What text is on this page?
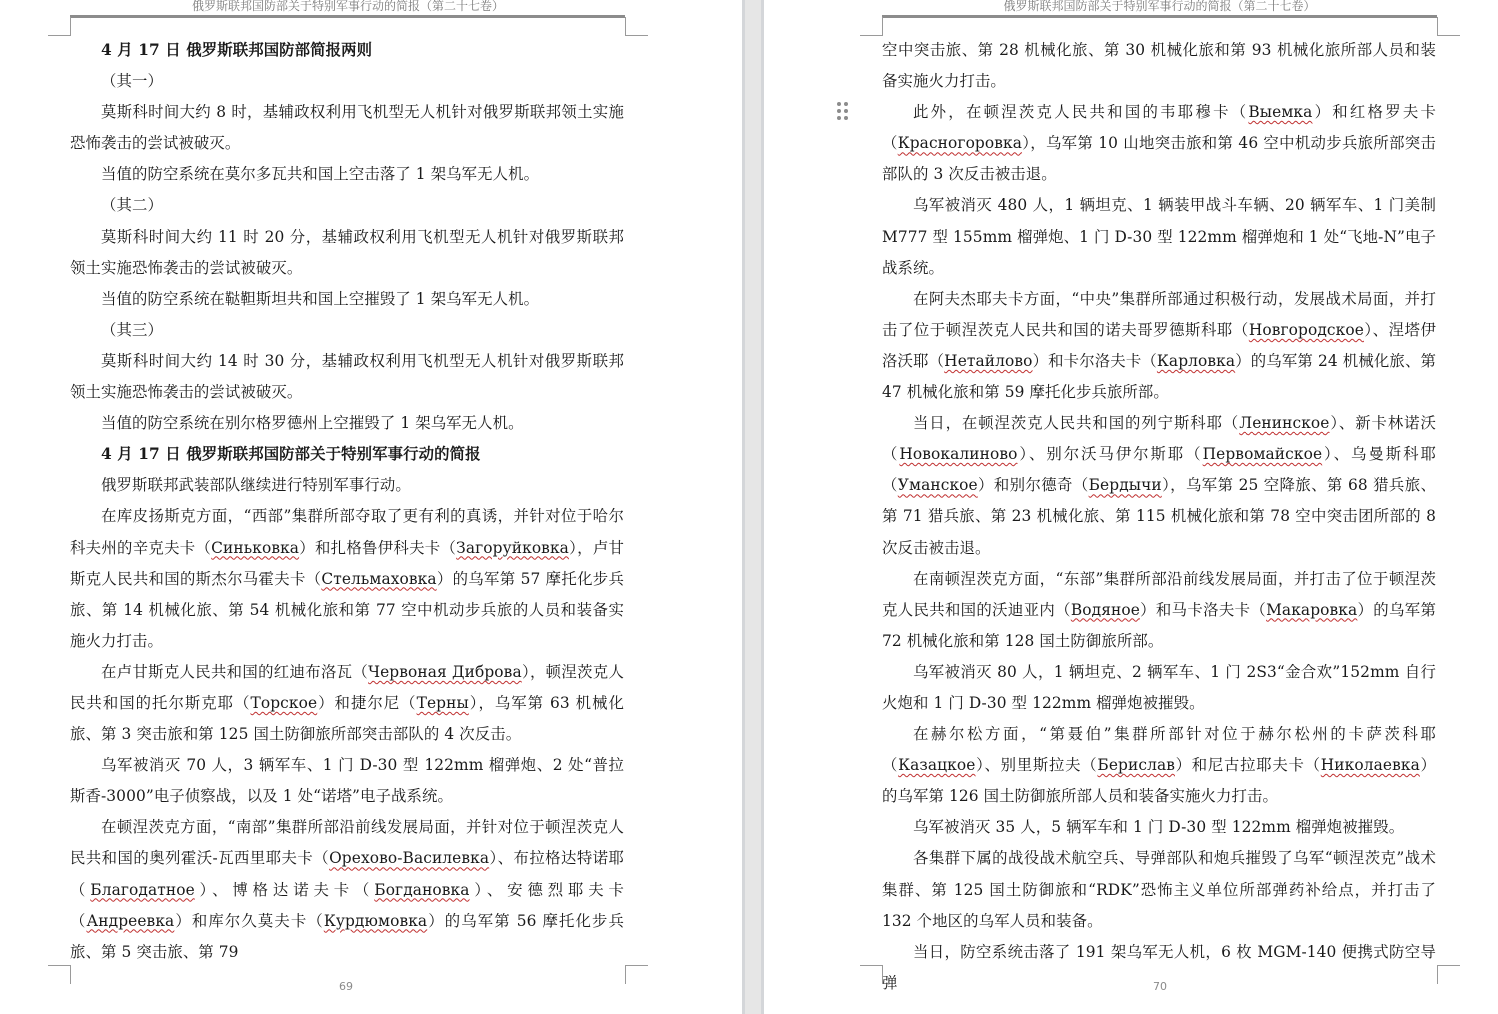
俄罗斯联邦国防部关于特别军事行动的简报（第二十七卷）

4 月 17 日 俄罗斯联邦国防部简报两则

（其一）

莫斯科时间大约 8 时，基辅政权利用飞机型无人机针对俄罗斯联邦领土实施恐怖袭击的尝试被破灭。

当值的防空系统在莫尔多瓦共和国上空击落了 1 架乌军无人机。

（其二）

莫斯科时间大约 11 时 20 分，基辅政权利用飞机型无人机针对俄罗斯联邦领土实施恐怖袭击的尝试被破灭。

当值的防空系统在鞑靼斯坦共和国上空摧毁了 1 架乌军无人机。

（其三）

莫斯科时间大约 14 时 30 分，基辅政权利用飞机型无人机针对俄罗斯联邦领土实施恐怖袭击的尝试被破灭。

当值的防空系统在别尔格罗德州上空摧毁了 1 架乌军无人机。

4 月 17 日 俄罗斯联邦国防部关于特别军事行动的简报

俄罗斯联邦武装部队继续进行特别军事行动。

在库皮扬斯克方面，“西部”集群所部夺取了更有利的真诱，并针对位于哈尔科夫州的辛克夫卡（Синьковка）和扎格鲁伊科夫卡（Загоруйковка），卢甘斯克人民共和国的斯杰尔马霍夫卡（Стельмаховка）的乌军第 57 摩托化步兵旅、第 14 机械化旅、第 54 机械化旅和第 77 空中机动步兵旅的人员和装备实施火力打击。

在卢甘斯克人民共和国的红迪布洛瓦（Червоная Диброва），顿涅茨克人民共和国的托尔斯克耶（Торское）和捷尔尼（Терны），乌军第 63 机械化旅、第 3 突击旅和第 125 国土防御旅所部突击部队的 4 次反击。

乌军被消灭 70 人，3 辆军车、1 门 D-30 型 122mm 榴弹炮、2 处“普拉斯香-3000”电子侦察战，以及 1 处“诺塔”电子战系统。

在顿涅茨克方面，“南部”集群所部沿前线发展局面，并针对位于顿涅茨克人民共和国的奥列霍沃-瓦西里耶夫卡（Орехово-Василевка）、布拉格达特诺耶（Благодатное）、博格达诺夫卡（Богдановка）、安德烈耶夫卡（Андреевка）和库尔久莫夫卡（Курдюмовка）的乌军第 56 摩托化步兵旅、第 5 突击旅、第 79

69
俄罗斯联邦国防部关于特别军事行动的简报（第二十七卷）

空中突击旅、第 28 机械化旅、第 30 机械化旅和第 93 机械化旅所部人员和装备实施火力打击。

此外，在顿涅茨克人民共和国的韦耶穆卡（Выемка）和红格罗夫卡（Красногоровка），乌军第 10 山地突击旅和第 46 空中机动步兵旅所部突击部队的 3 次反击被击退。

乌军被消灭 480 人，1 辆坦克、1 辆装甲战斗车辆、20 辆军车、1 门美制 M777 型 155mm 榴弹炮、1 门 D-30 型 122mm 榴弹炮和 1 处“飞地-N”电子战系统。

在阿夫杰耶夫卡方面，“中央”集群所部通过积极行动，发展战术局面，并打击了位于顿涅茨克人民共和国的诺夫哥罗德斯科耶（Новгородское）、涅塔伊洛沃耶（Нетайлово）和卡尔洛夫卡（Карловка）的乌军第 24 机械化旅、第 47 机械化旅和第 59 摩托化步兵旅所部。

当日，在顿涅茨克人民共和国的列宁斯科耶（Ленинское）、新卡林诺沃（Новокалиново）、别尔沃马伊尔斯耶（Первомайское）、乌曼斯科耶（Уманское）和别尔德奇（Бердычи），乌军第 25 空降旅、第 68 猎兵旅、第 71 猎兵旅、第 23 机械化旅、第 115 机械化旅和第 78 空中突击团所部的 8 次反击被击退。

在南顿涅茨克方面，“东部”集群所部沿前线发展局面，并打击了位于顿涅茨克人民共和国的沃迪亚内（Водяное）和马卡洛夫卡（Макаровка）的乌军第 72 机械化旅和第 128 国土防御旅所部。

乌军被消灭 80 人，1 辆坦克、2 辆军车、1 门 2S3“金合欢”152mm 自行火炮和 1 门 D-30 型 122mm 榴弹炮被摧毁。

在赫尔松方面，“第聂伯”集群所部针对位于赫尔松州的卡萨茨科耶（Казацкое）、别里斯拉夫（Берислав）和尼古拉耶夫卡（Николаевка）的乌军第 126 国土防御旅所部人员和装备实施火力打击。

乌军被消灭 35 人，5 辆军车和 1 门 D-30 型 122mm 榴弹炮被摧毁。

各集群下属的战役战术航空兵、导弹部队和炮兵摧毁了乌军“顿涅茨克”战术集群、第 125 国土防御旅和“RDK”恐怖主义单位所部弹药补给点，并打击了 132 个地区的乌军人员和装备。

当日，防空系统击落了 191 架乌军无人机，6 枚 MGM-140 便携式防空导弹	70
